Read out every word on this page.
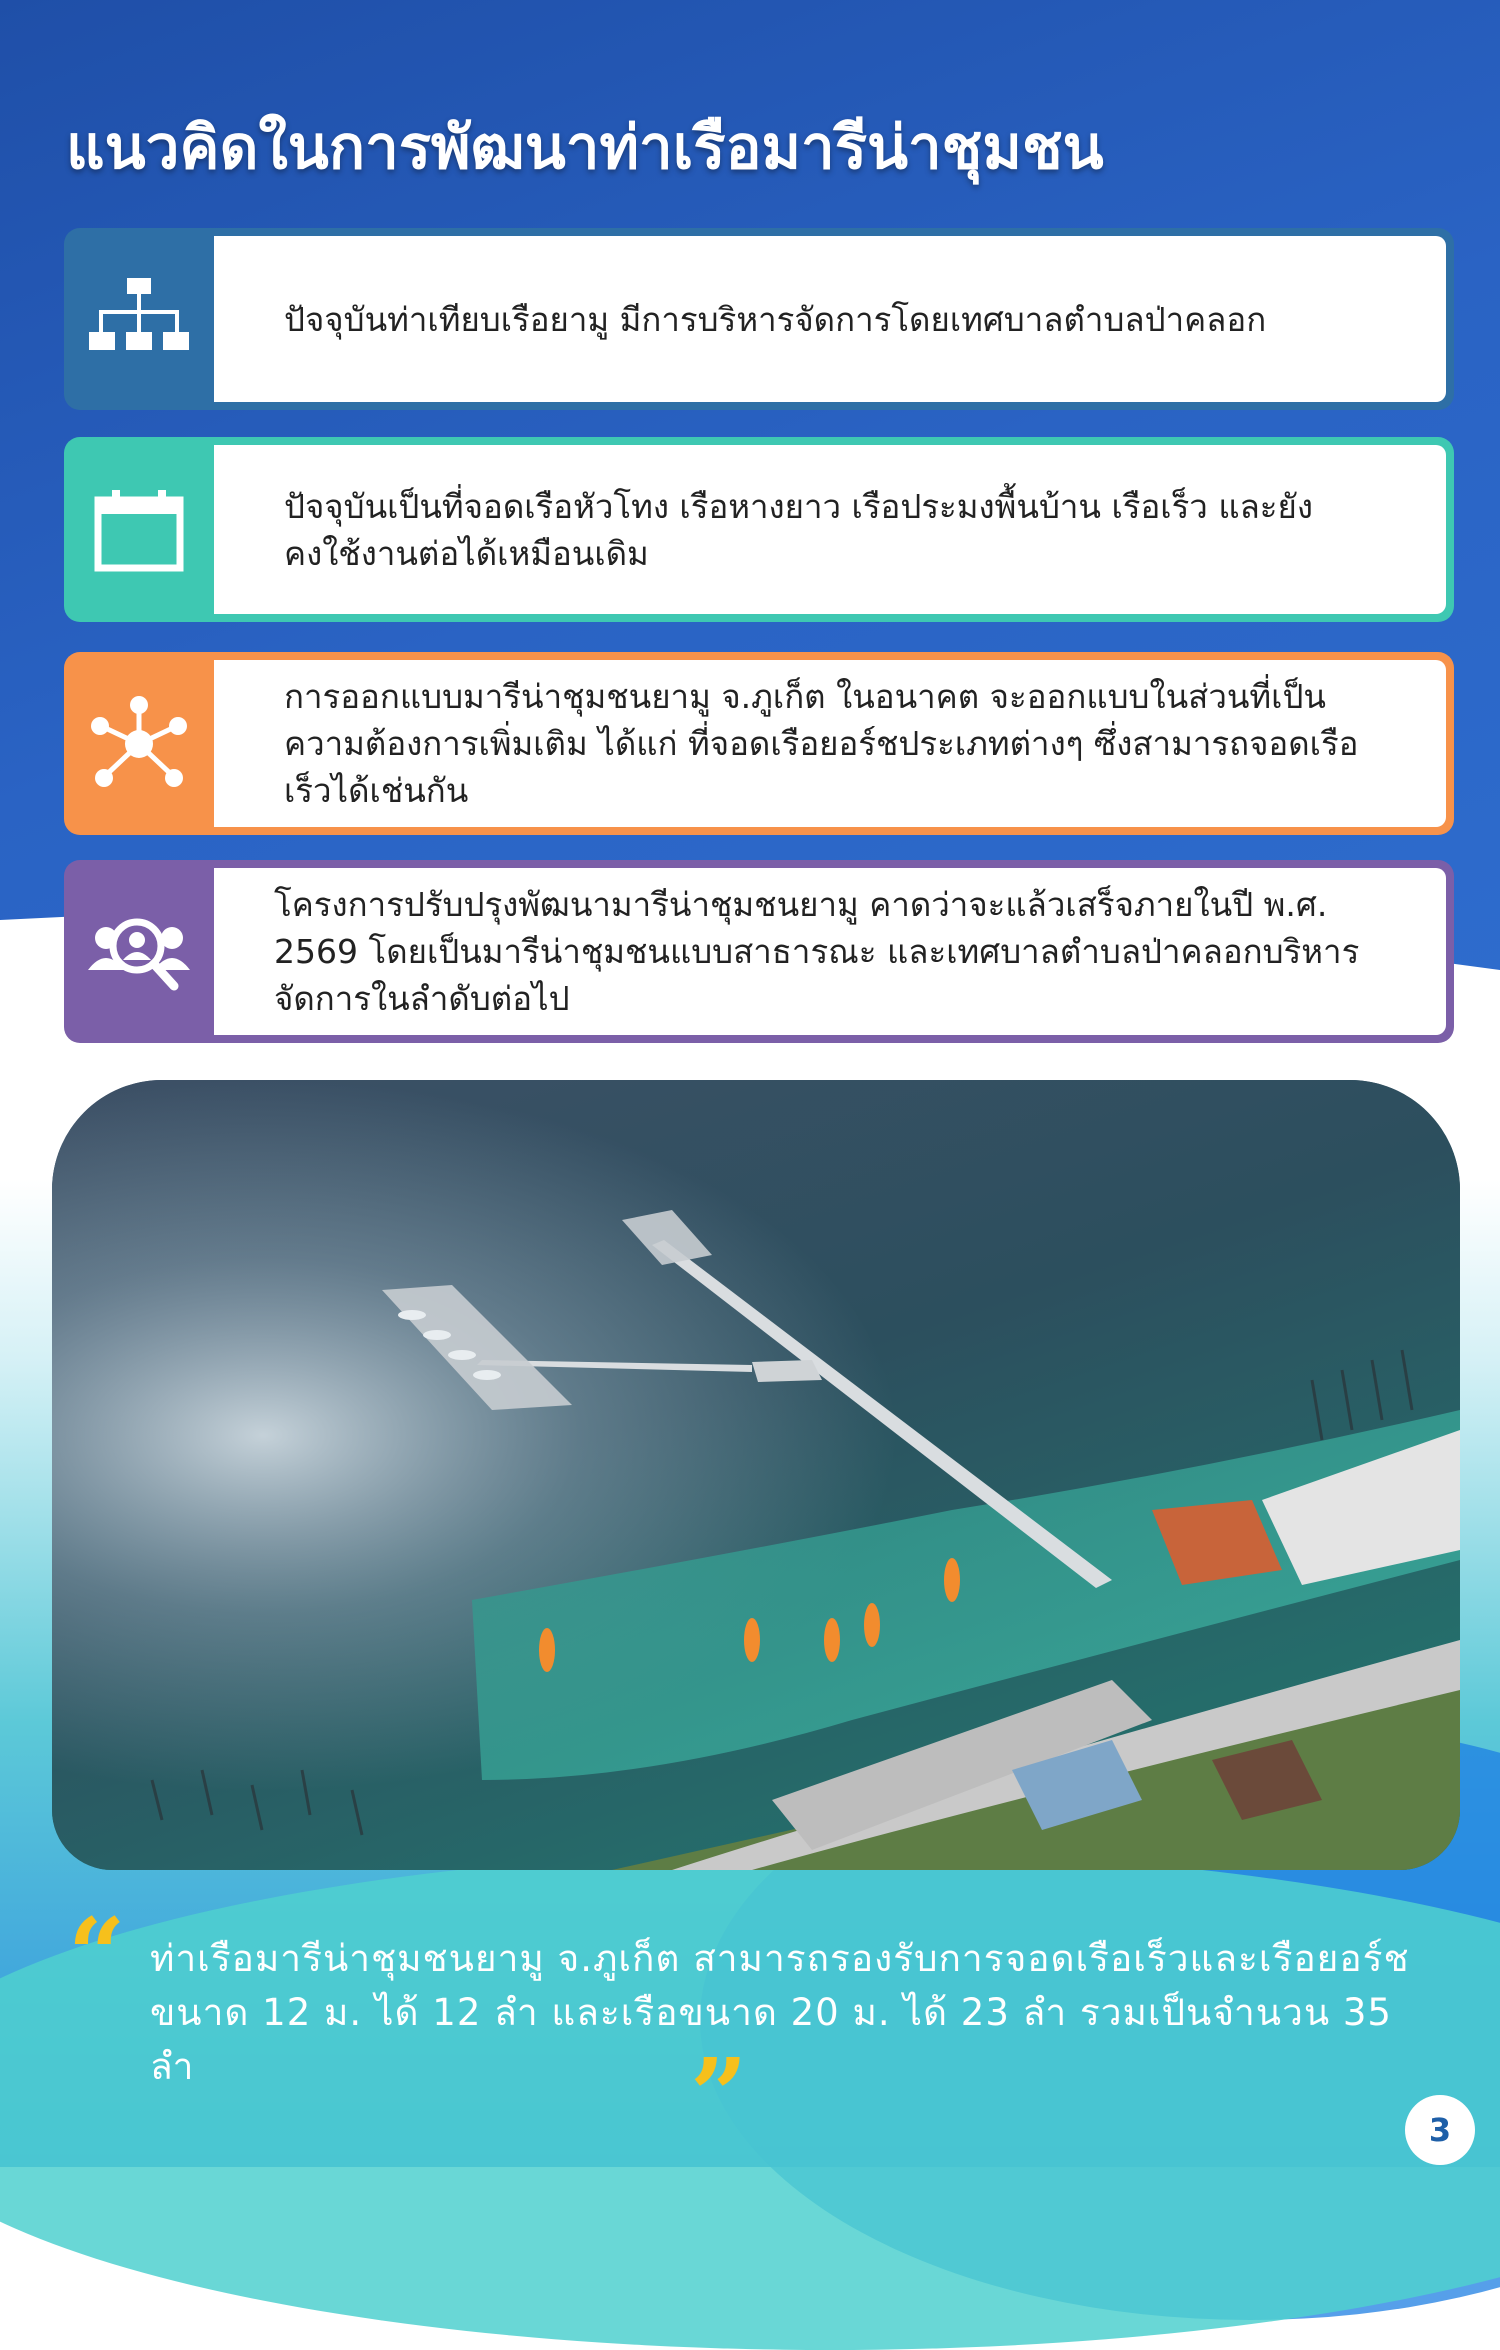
แนวคิดในการพัฒนาท่าเรือมารีน่าชุมชน

ปัจจุบันท่าเทียบเรือยามู มีการบริหารจัดการโดยเทศบาลตำบลป่าคลอก

ปัจจุบันเป็นที่จอดเรือหัวโทง เรือหางยาว เรือประมงพื้นบ้าน เรือเร็ว และยังคงใช้งานต่อได้เหมือนเดิม

การออกแบบมารีน่าชุมชนยามู จ.ภูเก็ต ในอนาคต จะออกแบบในส่วนที่เป็นความต้องการเพิ่มเติม ได้แก่ ที่จอดเรือยอร์ชประเภทต่างๆ ซึ่งสามารถจอดเรือเร็วได้เช่นกัน

โครงการปรับปรุงพัฒนามารีน่าชุมชนยามู คาดว่าจะแล้วเสร็จภายในปี พ.ศ. 2569 โดยเป็นมารีน่าชุมชนแบบสาธารณะ และเทศบาลตำบลป่าคลอกบริหารจัดการในลำดับต่อไป

“ ท่าเรือมารีน่าชุมชนยามู จ.ภูเก็ต สามารถรองรับการจอดเรือเร็วและเรือยอร์ช ขนาด 12 ม. ได้ 12 ลำ และเรือขนาด 20 ม. ได้ 23 ลำ รวมเป็นจำนวน 35 ลำ	”	3
